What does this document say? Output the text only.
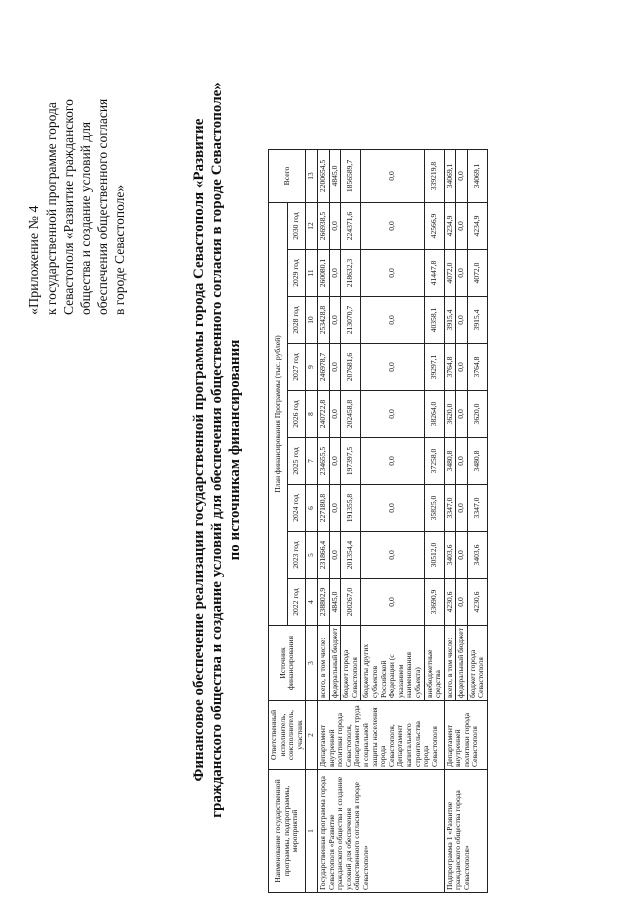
«Приложение № 4 к государственной программе города Севастополя «Развитие гражданского общества и создание условий для обеспечения общественного согласия в городе Севастополе»	Финансовое обеспечение реализации государственной программы города Севастополя «Развитие гражданского общества и создание условий для обеспечения общественного согласия в городе Севастополе» по источникам финансирования
Наименование государственной программы, подпрограммы, мероприятий	Ответственный исполнитель, соисполнитель, участник	Источник финансирования	План финансирования Программы (тыс. рублей)									Всего
			2022 год	2023 год	2024 год	2025 год	2026 год	2027 год	2028 год	2029 год	2030 год	
1	2	3	4	5	6	7	8	9	10	11	12	13
Государственная программа города Севастополя «Развитие гражданского общества и создание условий для обеспечения общественного согласия в городе Севастополе»	Департамент внутренней политики города Севастополя, Департамент труда и социальной защиты населения города Севастополя, Департамент капитального строительства города Севастополя	всего, в том числе:	238802,9	231866,4	227180,8	234655,5	240722,8	246978,7	253428,8	260080,1	266938,5	2200654,5
		федеральный бюджет	4845,0	0,0	0,0	0,0	0,0	0,0	0,0	0,0	0,0	4845,0
		бюджет города Севастополя	200267,0	201354,4	191355,8	197397,5	202458,8	207681,6	213070,7	218632,3	224371,6	1856589,7
		бюджеты других субъектов Российской Федерации (с указанием наименования субъекта)	0,0	0,0	0,0	0,0	0,0	0,0	0,0	0,0	0,0	0,0
		внебюджетные средства	33690,9	30512,0	35825,0	37258,0	38264,0	39297,1	40358,1	41447,8	42566,9	339219,8
Подпрограмма 1 «Развитие гражданского общества города Севастополя»	Департамент внутренней политики города Севастополя	всего, в том числе:	4230,6	3403,6	3347,0	3480,8	3620,0	3764,8	3915,4	4072,0	4234,9	34069,1
		федеральный бюджет	0,0	0,0	0,0	0,0	0,0	0,0	0,0	0,0	0,0	0,0
		бюджет города Севастополя	4230,6	3403,6	3347,0	3480,8	3620,0	3764,8	3915,4	4072,0	4234,9	34069,1
